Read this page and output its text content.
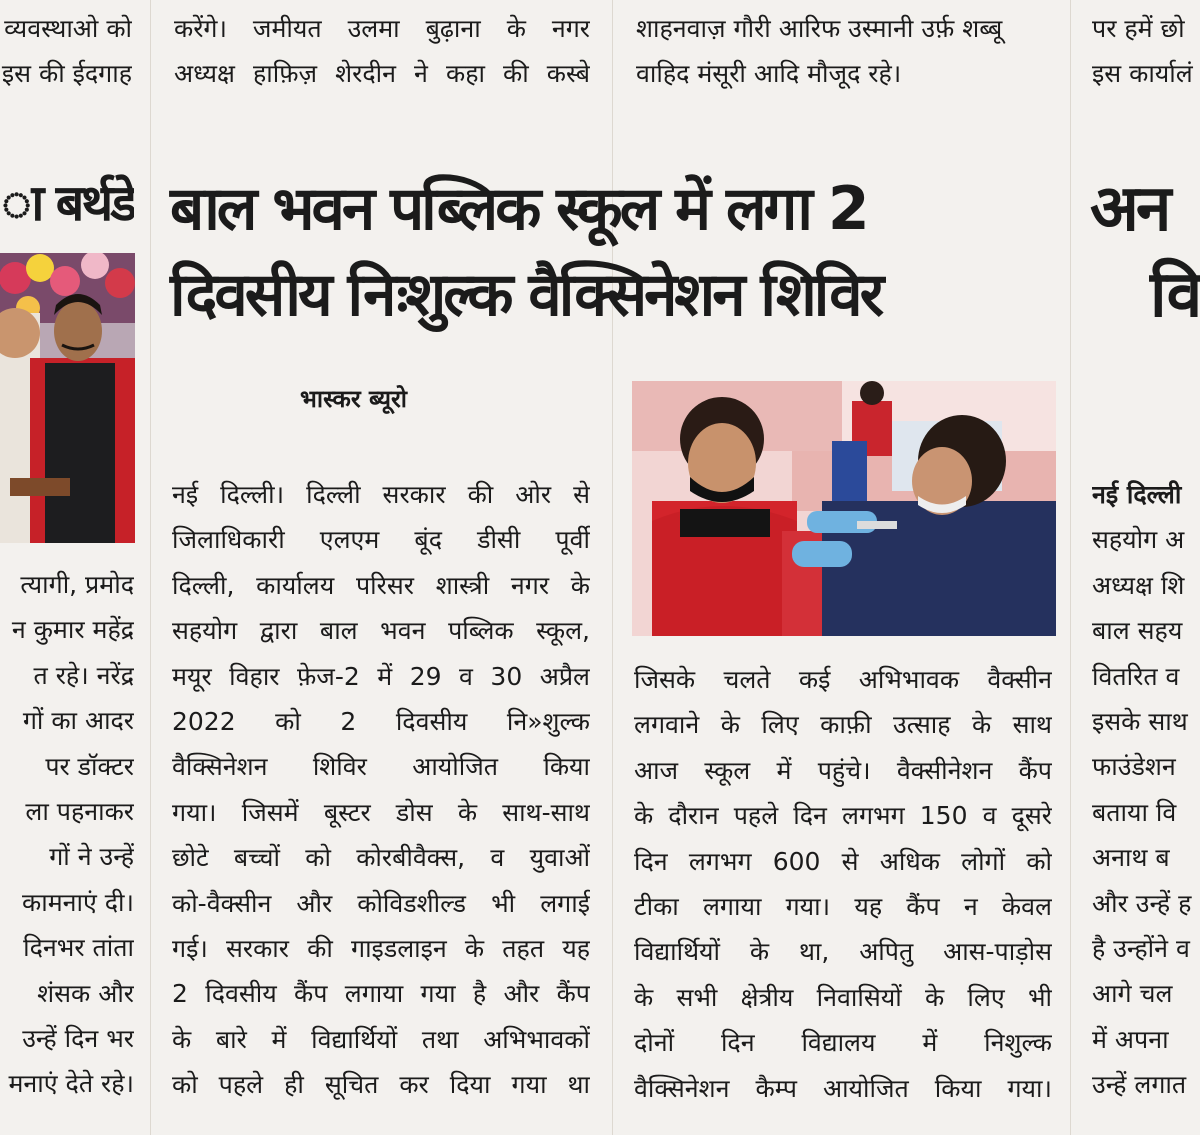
व्यवस्थाओ को

इस की ईदगाह

करेंगे। जमीयत उलमा बुढ़ाना के नगर

अध्यक्ष हाफ़िज़ शेरदीन ने कहा की कस्बे

शाहनवाज़ गौरी आरिफ उस्मानी उर्फ़ शब्बू

वाहिद मंसूरी आदि मौजूद रहे।

पर हमें छो

इस कार्यालं

ा बर्थडे

त्यागी, प्रमोद

न कुमार महेंद्र

त रहे। नरेंद्र

गों का आदर

पर डॉक्टर

ला पहनाकर

गों ने उन्हें

कामनाएं दी।

दिनभर तांता

शंसक और

उन्हें दिन भर

मनाएं देते रहे।

बाल भवन पब्लिक स्कूल में लगा 2
दिवसीय निःशुल्क वैक्सिनेशन शिविर
भास्कर ब्यूरो

नई दिल्ली। दिल्ली सरकार की ओर से

जिलाधिकारी एलएम बूंद डीसी पूर्वी

दिल्ली, कार्यालय परिसर शास्त्री नगर के

सहयोग द्वारा बाल भवन पब्लिक स्कूल,

मयूर विहार फ़ेज-2 में 29 व 30 अप्रैल

2022 को 2 दिवसीय नि»शुल्क

वैक्सिनेशन शिविर आयोजित किया

गया। जिसमें बूस्टर डोस के साथ-साथ

छोटे बच्चों को कोरबीवैक्स, व युवाओं

को-वैक्सीन और कोविडशील्ड भी लगाई

गई। सरकार की गाइडलाइन के तहत यह

2 दिवसीय कैंप लगाया गया है और कैंप

के बारे में विद्यार्थियों तथा अभिभावकों

को पहले ही सूचित कर दिया गया था

जिसके चलते कई अभिभावक वैक्सीन

लगवाने के लिए काफ़ी उत्साह के साथ

आज स्कूल में पहुंचे। वैक्सीनेशन कैंप

के दौरान पहले दिन लगभग 150 व दूसरे

दिन लगभग 600 से अधिक लोगों को

टीका लगाया गया। यह कैंप न केवल

विद्यार्थियों के था, अपितु आस-पाड़ोस

के सभी क्षेत्रीय निवासियों के लिए भी

दोनों दिन विद्यालय में निशुल्क

वैक्सिनेशन कैम्प आयोजित किया गया।

अन
वि

नई दिल्ली

सहयोग अ

अध्यक्ष शि

बाल सहय

वितरित व

इसके साथ

फाउंडेशन

बताया वि

अनाथ ब

और उन्हें ह

है उन्होंने व

आगे चल

में अपना

उन्हें लगात
